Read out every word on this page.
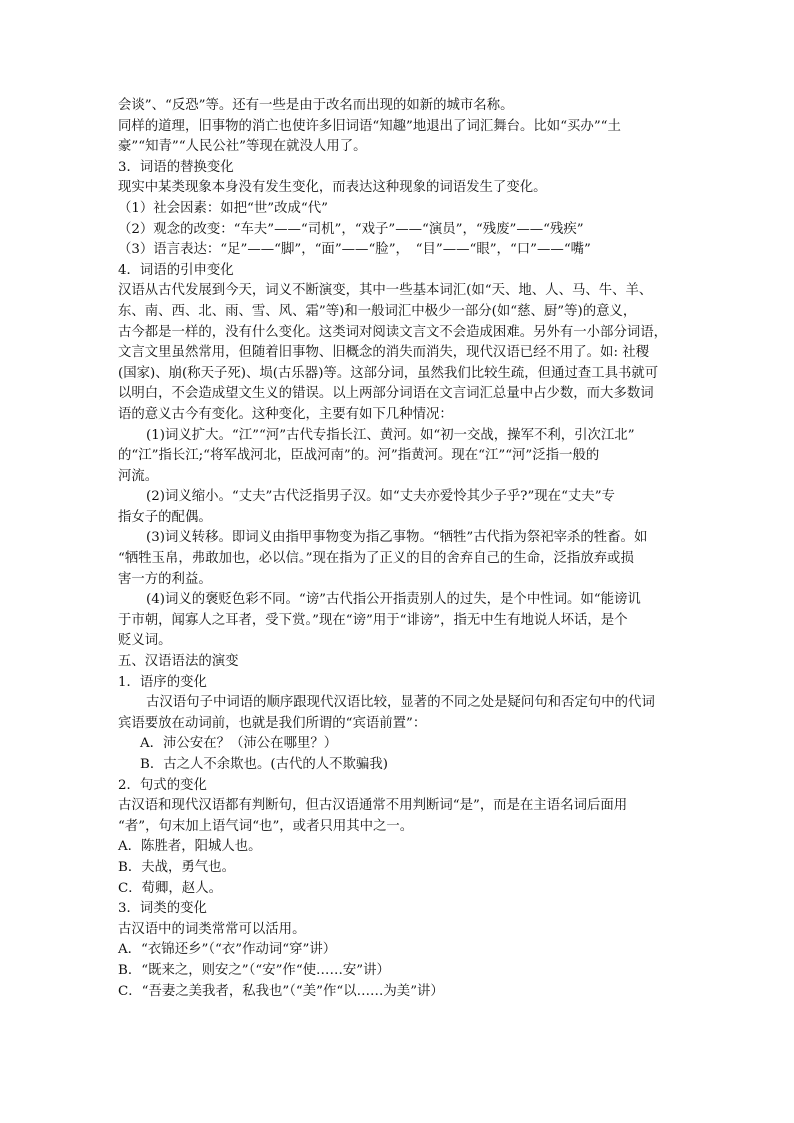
会谈”、“反恐”等。还有一些是由于改名而出现的如新的城市名称。

同样的道理，旧事物的消亡也使许多旧词语“知趣”地退出了词汇舞台。比如“买办”“土

豪”“知青”“人民公社”等现在就没人用了。

3．词语的替换变化

现实中某类现象本身没有发生变化，而表达这种现象的词语发生了变化。

（1）社会因素：如把“世”改成“代”

（2）观念的改变：“车夫”——“司机”，“戏子”——“演员”，“残废”——“残疾”

（3）语言表达：“足”——“脚”，“面”——“脸”，　“目”——“眼”，“口”——“嘴”

4．词语的引申变化

汉语从古代发展到今天，词义不断演变，其中一些基本词汇(如“天、地、人、马、牛、羊、

东、南、西、北、雨、雪、风、霜”等)和一般词汇中极少一部分(如“慈、厨”等)的意义，

古今都是一样的，没有什么变化。这类词对阅读文言文不会造成困难。另外有一小部分词语，

文言文里虽然常用，但随着旧事物、旧概念的消失而消失，现代汉语已经不用了。如: 社稷

(国家)、崩(称天子死)、埙(古乐器)等。这部分词，虽然我们比较生疏，但通过查工具书就可

以明白，不会造成望文生义的错误。以上两部分词语在文言词汇总量中占少数，而大多数词

语的意义古今有变化。这种变化，主要有如下几种情况：

(1)词义扩大。“江”“河”古代专指长江、黄河。如“初一交战，操军不利，引次江北”

的“江”指长江;“将军战河北，臣战河南”的。河”指黄河。现在“江”“河”泛指一般的

河流。

(2)词义缩小。“丈夫”古代泛指男子汉。如“丈夫亦爱怜其少子乎?”现在“丈夫”专

指女子的配偶。

(3)词义转移。即词义由指甲事物变为指乙事物。“牺牲”古代指为祭祀宰杀的牲畜。如

“牺牲玉帛，弗敢加也，必以信。”现在指为了正义的目的舍弃自己的生命，泛指放弃或损

害一方的利益。

(4)词义的褒贬色彩不同。“谤”古代指公开指责别人的过失，是个中性词。如“能谤讥

于市朝，闻寡人之耳者，受下赏。”现在“谤”用于“诽谤”，指无中生有地说人坏话，是个

贬义词。

五、汉语语法的演变

1．语序的变化

古汉语句子中词语的顺序跟现代汉语比较，显著的不同之处是疑问句和否定句中的代词

宾语要放在动词前，也就是我们所谓的“宾语前置”：

A．沛公安在？（沛公在哪里？）

B．古之人不余欺也。(古代的人不欺骗我)

2．句式的变化

古汉语和现代汉语都有判断句，但古汉语通常不用判断词“是”，而是在主语名词后面用

“者”，句末加上语气词“也”，或者只用其中之一。

A．陈胜者，阳城人也。

B．夫战，勇气也。

C．荀卿，赵人。

3．词类的变化

古汉语中的词类常常可以活用。

A．“衣锦还乡”（“衣”作动词“穿”讲）

B．“既来之，则安之”（“安”作“使……安”讲）

C．“吾妻之美我者，私我也”（“美”作“以……为美”讲）
